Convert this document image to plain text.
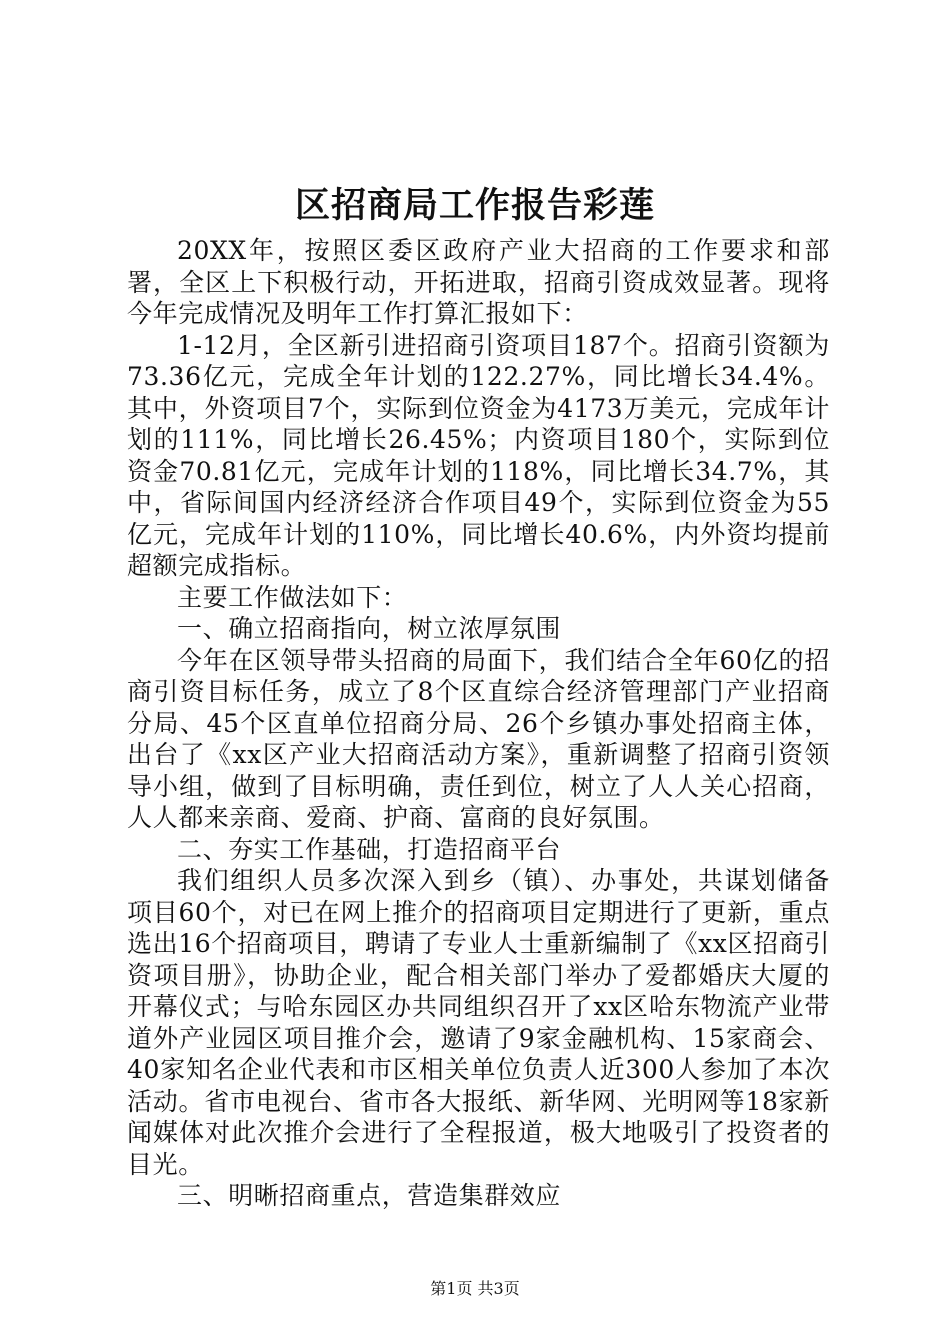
区招商局工作报告彩莲

20XX年，按照区委区政府产业大招商的工作要求和部署，全区上下积极行动，开拓进取，招商引资成效显著。现将今年完成情况及明年工作打算汇报如下：

1-12月，全区新引进招商引资项目187个。招商引资额为73.36亿元，完成全年计划的122.27%，同比增长34.4%。其中，外资项目7个，实际到位资金为4173万美元，完成年计划的111%，同比增长26.45%；内资项目180个，实际到位资金70.81亿元，完成年计划的118%，同比增长34.7%，其中，省际间国内经济经济合作项目49个，实际到位资金为55亿元，完成年计划的110%，同比增长40.6%，内外资均提前超额完成指标。

主要工作做法如下：

一、确立招商指向，树立浓厚氛围

今年在区领导带头招商的局面下，我们结合全年60亿的招商引资目标任务，成立了8个区直综合经济管理部门产业招商分局、45个区直单位招商分局、26个乡镇办事处招商主体，出台了《xx区产业大招商活动方案》，重新调整了招商引资领导小组，做到了目标明确，责任到位，树立了人人关心招商，人人都来亲商、爱商、护商、富商的良好氛围。

二、夯实工作基础，打造招商平台

我们组织人员多次深入到乡（镇）、办事处，共谋划储备项目60个，对已在网上推介的招商项目定期进行了更新，重点选出16个招商项目，聘请了专业人士重新编制了《xx区招商引资项目册》，协助企业，配合相关部门举办了爱都婚庆大厦的开幕仪式；与哈东园区办共同组织召开了xx区哈东物流产业带道外产业园区项目推介会，邀请了9家金融机构、15家商会、40家知名企业代表和市区相关单位负责人近300人参加了本次活动。省市电视台、省市各大报纸、新华网、光明网等18家新闻媒体对此次推介会进行了全程报道，极大地吸引了投资者的目光。

三、明晰招商重点，营造集群效应

第1页 共3页
